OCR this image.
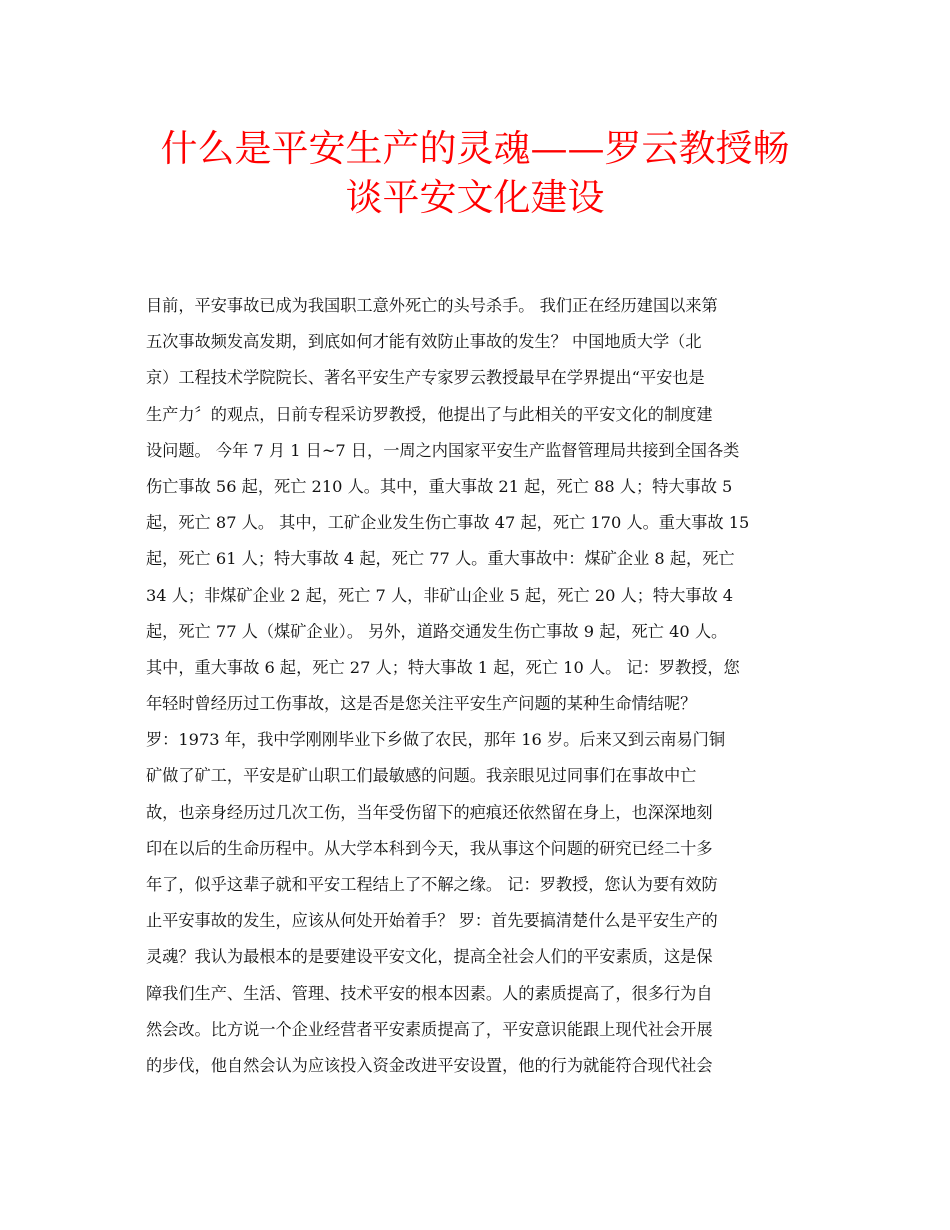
什么是平安生产的灵魂——罗云教授畅
谈平安文化建设
目前，平安事故已成为我国职工意外死亡的头号杀手。 我们正在经历建国以来第
五次事故频发高发期，到底如何才能有效防止事故的发生？ 中国地质大学（北
京）工程技术学院院长、著名平安生产专家罗云教授最早在学界提出“平安也是
生产力〞的观点，日前专程采访罗教授，他提出了与此相关的平安文化的制度建
设问题。 今年 7 月 1 日~7 日，一周之内国家平安生产监督管理局共接到全国各类
伤亡事故 56 起，死亡 210 人。其中，重大事故 21 起，死亡 88 人；特大事故 5
起，死亡 87 人。 其中，工矿企业发生伤亡事故 47 起，死亡 170 人。重大事故 15
起，死亡 61 人；特大事故 4 起，死亡 77 人。重大事故中：煤矿企业 8 起，死亡
34 人；非煤矿企业 2 起，死亡 7 人，非矿山企业 5 起，死亡 20 人；特大事故 4
起，死亡 77 人（煤矿企业）。 另外，道路交通发生伤亡事故 9 起，死亡 40 人。
其中，重大事故 6 起，死亡 27 人；特大事故 1 起，死亡 10 人。 记：罗教授，您
年轻时曾经历过工伤事故，这是否是您关注平安生产问题的某种生命情结呢？
罗：1973 年，我中学刚刚毕业下乡做了农民，那年 16 岁。后来又到云南易门铜
矿做了矿工，平安是矿山职工们最敏感的问题。我亲眼见过同事们在事故中亡
故，也亲身经历过几次工伤，当年受伤留下的疤痕还依然留在身上，也深深地刻
印在以后的生命历程中。从大学本科到今天，我从事这个问题的研究已经二十多
年了，似乎这辈子就和平安工程结上了不解之缘。 记：罗教授，您认为要有效防
止平安事故的发生，应该从何处开始着手？ 罗：首先要搞清楚什么是平安生产的
灵魂？我认为最根本的是要建设平安文化，提高全社会人们的平安素质，这是保
障我们生产、生活、管理、技术平安的根本因素。人的素质提高了，很多行为自
然会改。比方说一个企业经营者平安素质提高了，平安意识能跟上现代社会开展
的步伐，他自然会认为应该投入资金改进平安设置，他的行为就能符合现代社会
